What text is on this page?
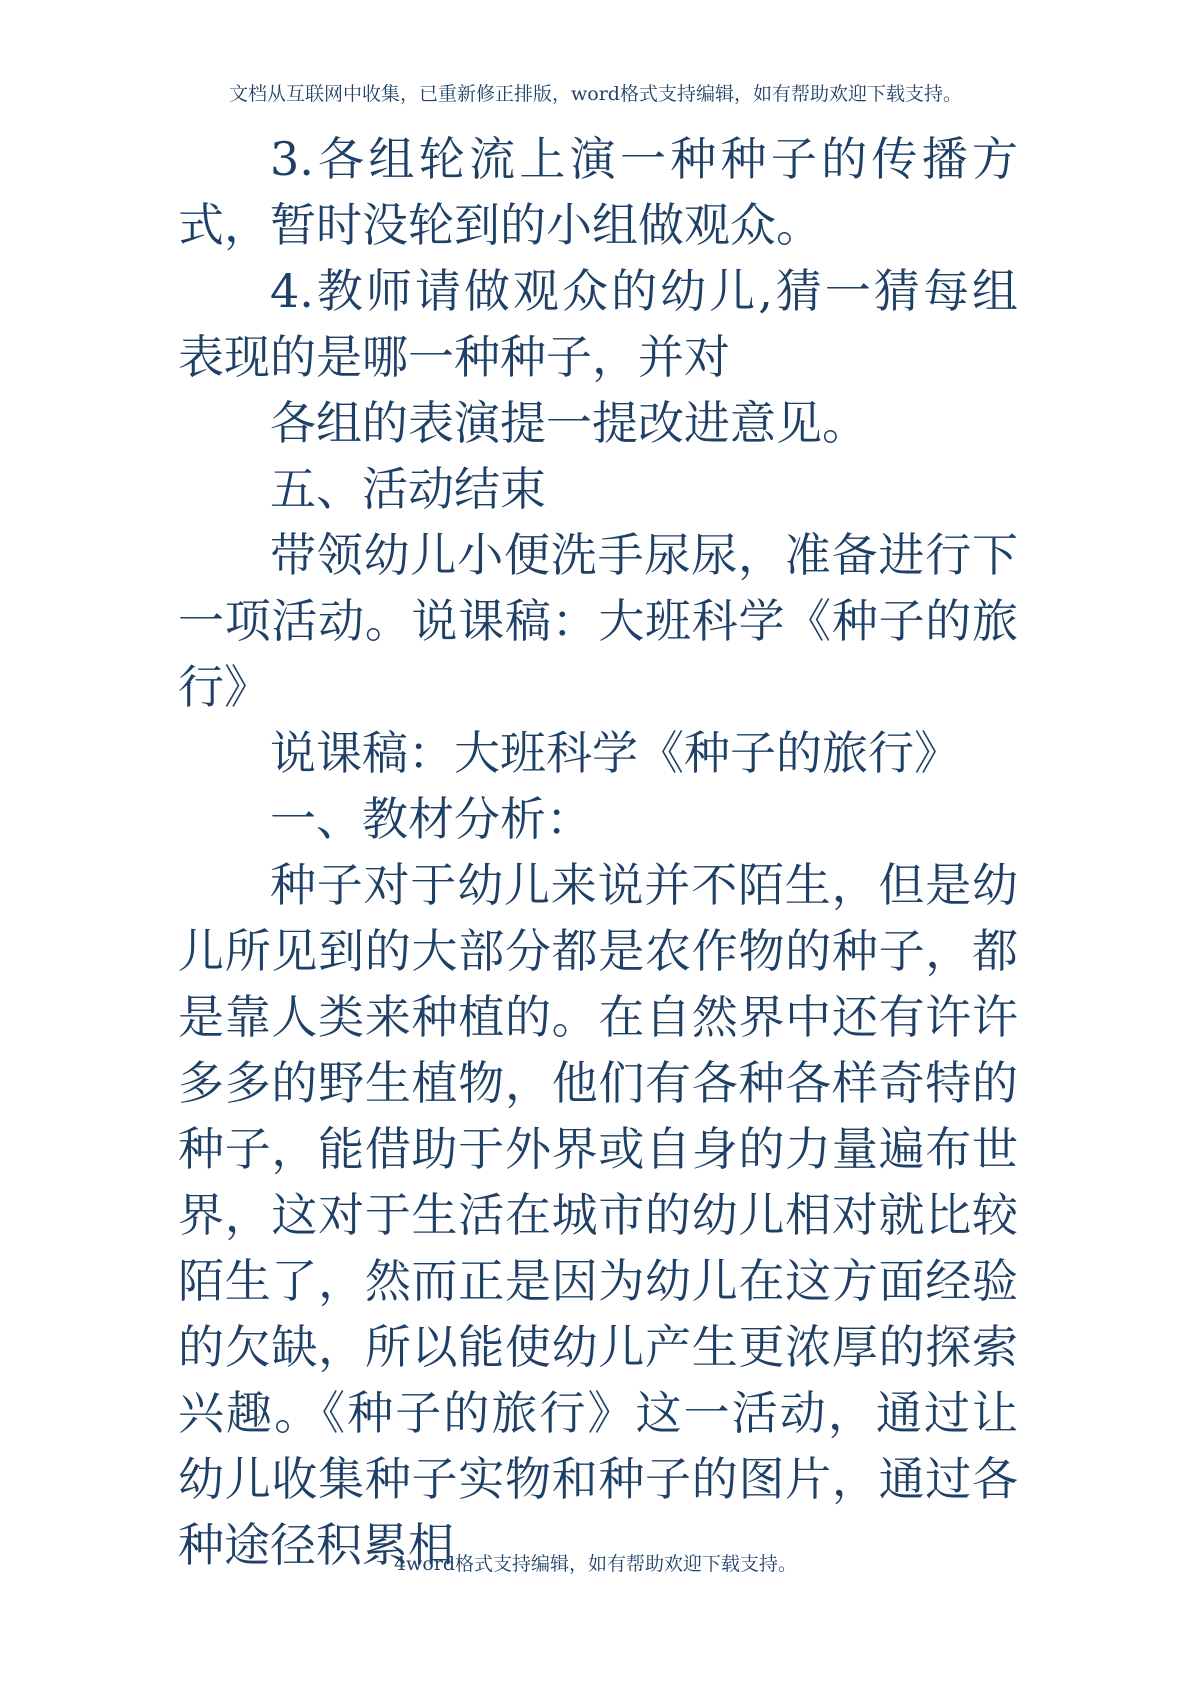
文档从互联网中收集，已重新修正排版，word格式支持编辑，如有帮助欢迎下载支持。

3.各组轮流上演一种种子的传播方式，暂时没轮到的小组做观众。

4.教师请做观众的幼儿,猜一猜每组表现的是哪一种种子，并对

各组的表演提一提改进意见。

五、活动结束

带领幼儿小便洗手尿尿，准备进行下一项活动。说课稿：大班科学《种子的旅行》

说课稿：大班科学《种子的旅行》

一、教材分析：

种子对于幼儿来说并不陌生，但是幼儿所见到的大部分都是农作物的种子，都是靠人类来种植的。在自然界中还有许许多多的野生植物，他们有各种各样奇特的种子，能借助于外界或自身的力量遍布世界，这对于生活在城市的幼儿相对就比较陌生了，然而正是因为幼儿在这方面经验的欠缺，所以能使幼儿产生更浓厚的探索兴趣。《种子的旅行》这一活动，通过让幼儿收集种子实物和种子的图片，通过各种途径积累相

4word格式支持编辑，如有帮助欢迎下载支持。
